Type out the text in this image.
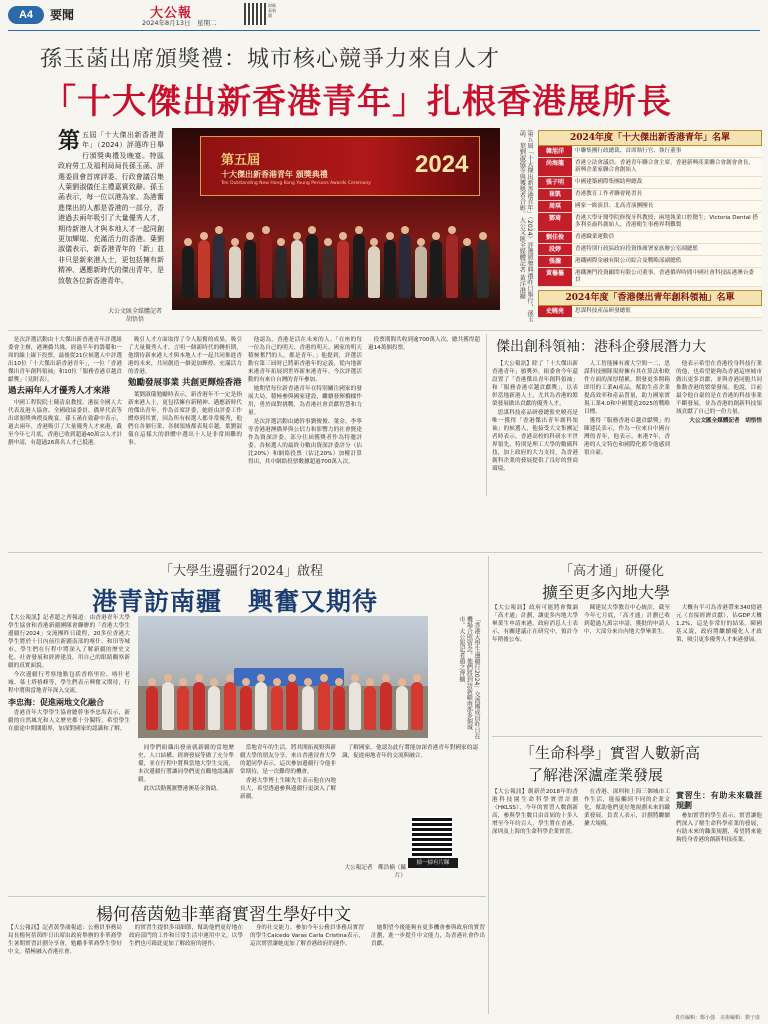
A4	要聞	大公報
2024年8月13日　星期二
掃碼看新聞
孫玉菡出席頒獎禮：城市核心競爭力來自人才
「十大傑出新香港青年」扎根香港展所長
第 五屆「十大傑出新香港青年」（2024）評選昨日舉行頒獎典禮及晚宴。特區政府勞工及福利局局長孫玉菡、評選委員會首席評委、行政會議召集人葉劉淑儀任主禮嘉賓致辭。孫玉菡表示，每一位以港為家、為港奮進傑出的人都是香港的一部分，香港過去兩年吸引了大量優秀人才，期待新港人才與本地人才一起同創更加輝煌、充滿活力的香港。葉劉淑儀表示，新香港青年的「新」並非只是新來港人士，更包括擁有新精神、邁應新時代的傑出青年，是致敬各位新香港青年。
大公文匯全媒體記者
胡悟悟
第五屆
十大傑出新香港青年 頒獎典禮
Ten Outstanding New Hong Kong Young Persons Awards Ceremony
2024	第五屆「十大傑出新香港青年」（2024）評選頒獎典禮昨日舉行，孫玉菡、葉劉淑儀等與獲獎者合影。大公文匯全媒體記者 黃洋港攝	2024年度「十大傑出新香港青年」名單
韓旭洋	中聯集團行政總裁、首席執行官、執行董事
尚海龍	香港立法會議員、香港青年聯合會主席，香港新興產業聯合會創會會長、新興企業家聯合會創始人
張子明	中國建築國際集團助理總裁
崔凱	香港教育工作者聯會秘書長
周琪	國家一級演員、北高青演團團長
鄧琦	香港大學牙醫學院修復牙科教授；兩地執業口腔醫生；Victoria Dental 搭多利亞齒科創始人、香港衛生事務界利難製
劉佳俊	香港職業運動員
段婷	香港特別行政區政府投資推廣署家族辦公室副總監
張瀧	港鐵國際金融有限公司綜合及戰略部副總監
黃樞樞	港鐵澳門投資顧問有限公司董事、香港僑界時間中國社會科技區港澳台委員
2024年度「香港傑出青年創科領袖」名單
史曉亮	思謀科技產品研發總監

是次評選活動由十大傑出新香港青年評選組委會主辦，港澳僑共緣，經過半年的籌備和一周的線上線下投票，最後從21位候選人中評選出10位「十大傑出新香港青年」，一位「香港傑出青年創科領袖」和10位「服務香港卓越貢獻獎」（見附表）。

過去兩年人才優秀人才來港

中國工程院院士陳清泉教授、港區全國人大代表及港人協會、全國政協委員、僑界代表等出席頒獎典禮及晚宴。孫玉菡在致辭中表示，過去兩年，香港吸引了大量優秀人才來港，截至今年七月底，香港已收到超過40萬宗人才計劃申請，有超過26萬名人才已抵港。

吸引人才方面取得了令人振奮的成果，吸引了大量優秀人才。言明一個新時代的轉折期，他期待新來港人才與本地人才一起共同推進香港的未來，共同創造一個更加輝煌、充滿活力的香港。

勉勵發展事業 共創更輝煌香港

葉劉淑儀勉勵時表示，新香港年不一定是指新來港人士，更包括擁有新精神、邁應新時代的傑出青年。作為首席評委，她經由評委工作體察到其實，因為所有候選人都非常優秀，他們在各個行業、各個領域都表現卓越。葉劉淑儀在這樣大的群體中選出十人是非常困難的事。

他認為，香港是活在未來的人。「在座的每一位為自己的明天、香港的明天、國家的明天積極奮鬥的人，都是青年。」他提到，評選活動在第三屆時已將新香港年的定義，從內地新來港青年拓展到世界新來港青年。今次評選活動的有來自台灣的青年參加。

她期望每位新香港青年在特別關注國家的發展大局，積極參與國家建設，繼續發揮橋樑作用，勇於面對挑戰，為香港社會貢獻智慧和力量。

是次評選活動由總幹事劉俊俊、葉金、李寧等香港港澳僑界與公信力和影響力的社會賢達作為資深評委，部分往屆獲獎者作為特邀評委。各候選人的最終分數由資深評委評分（佔比20%）和網絡投票（佔比20%）加權計算得出，其中網絡投票數據超過700萬人次。

投票期間共收到逾700萬人次，總共獲得超過14萬個投票。	傑出創科領袖：港科企發展潛力大

【大公報訊】除了「十大傑出新香港青年」頒獎外，組委會今年還設置了「香港傑出青年創科領袖」和「服務香港卓越貢獻獎」，以表彰當地新港人士，尤其為香港的繁榮發展做出貢獻的優秀人才。

思謀科技產品研發總監史曉亮是唯一獲得「香港傑出青年創科領袖」的候選人，他接受大文集團記者時表示，香港高校的科研水平世界領先，特別是理工大學的數碼科技，加上政府的大力支持，為香港創科企業的發展提供了良好的營商環境。

人工智能擁有廣大空間一二，思謀科技團隊現時擁有其在算法和軟件方面的深厚積累，開發更多開箱即用的工業AI產品，幫助生產企業提高效率和產品質量，助力國家實現工業4.0和中國製造2025的戰略目標。

獲得「服務香港卓越貢獻獎」的陳建民表示，作為一位來自中國台灣的青年，他表示，來港7年，香港的人文特色和國際化都令他感到很自豪。

他表示希望在香港投身科技行業的他，也希望能夠為香港這座城市做出更多貢獻，並與香港同胞共同推動香港的繁榮發展。他說，目前最令他自豪的是在香港的科技事業不斷發展，並為香港的創新科技領域貢獻了自己的一份力量。

大公文匯全媒體記者　胡悟悟

「大學生邊疆行2024」啟程
港青訪南疆　興奮又期待

【大公報訊】記者趙之齊報道：由香港青年大學學生協會和香港新疆團隊會聯辦的「香港大學生邊疆行2024」交流團昨日啟程，20多位香港大學生將於十日內前往新疆南部的喀什、和田等城市，學生們在行程中將深入了解新疆的歷史文化、社會發展和經濟建設，用自己的眼睛觀察新疆的真實面貌。

今次邊疆行考察地點包括香格里拉、喀什老城、慕士塔格峰等，學生們表示興奮又期待，行程中將與當地青年深入交流。

李忠海：促進兩地文化融合

香港青年大學學生協會總幹事李忠海表示，新疆的自然風光和人文歷史都十分獨特，希望學生在旅途中開闊眼界，加深對國家的認識和了解。	「香港大學生邊疆行2024」交流團成員昨日在機場合照留念，他們將到訪新疆南部多個城市。大公報記者趙之齊攝

同學們組織出發前就新疆的當地歷史、人口結構、經濟發展等做了充分準備，並在行程中將與當地大學生交流，本次邊疆行將讓同學們更直觀地認識新疆。

此次活動獲滙豐港澳基金資助。

當地青年的生活，將其開拓視野與新疆大學的朋友分享。來自香港浸會大學的趙同學表示，這次參加邊疆行令他非常期待，是一次難得的機會。

香港大學博士生陳先生表示他在內地長大，希望透過參與邊疆行更深入了解新疆。

了解國家。他認為此行將能加深香港青年對國家的認識，促進兩地青年的交流與融合。

掃一掃有片睇
大公報記者　鄭浩楠（攝片）
楊何蓓茵勉非華裔實習生學好中文

【大公報訊】記者黃學鴻報道：公務員事務局局長楊何蓓茵昨日出席由政府舉辦的非華裔學生暑期實習計劃分享會，勉勵非華裔學生學好中文，積極融入香港社會。

的實習生提供多項細節，幫助他們更好地在政府部門的工作和日常生活中運用中文，以學生們也可藉此更加了解政府的運作。

身的社交能力。參加今年公務員事務局實習的學生Caicedo Varas Carla Cristina表示，這次實習讓她更加了解香港政府的運作。

她期望今後能夠有更多機會參與政府的實習計劃，進一步提升中文能力，為香港社會作出貢獻。

「高才通」研優化
擴至更多內地大學

【大公報訊】政府可能將會微調「高才通」計劃，讓更多內地大學畢業生申請來港，政府消息人士表示，有關建議正在研究中，預計今年稍後公布。

陳建民大學教育中心統計，截至今年七月底，「高才通」計劃已收到超過九萬宗申請，獲批的申請人中，大部分來自內地大學畢業生。

大概有半可為香港帶來340億港元（直接經濟貢獻），佔GDP大概1.2%，這是非常好的結果。陳國基又說，政府將繼續優化人才政策，吸引更多優秀人才來港發展。

「生命科學」實習人數新高
了解港深瀘產業發展

【大公報訊】創新於2018年的香港科技園生命科學實習計劃（HKLSS），今年的實習人數創新高，參與學生數目由首屆的十多人增至今年約百人，學生將在香港、深圳及上海的生命科學企業實習。

在香港、深圳和上海三個城市工作生活，能接觸到不同的企業文化，幫助他們更好地規劃未來的職業發展。負責人表示，計劃將繼續擴大規模。

實習生：有助未來職涯規劃

參加實習的學生表示，實習讓他們深入了解生命科學產業的發展，有助未來的職業規劃，希望將來能夠投身香港的創新科技產業。

責任編輯：鄭小強　美術編輯：劉子康
